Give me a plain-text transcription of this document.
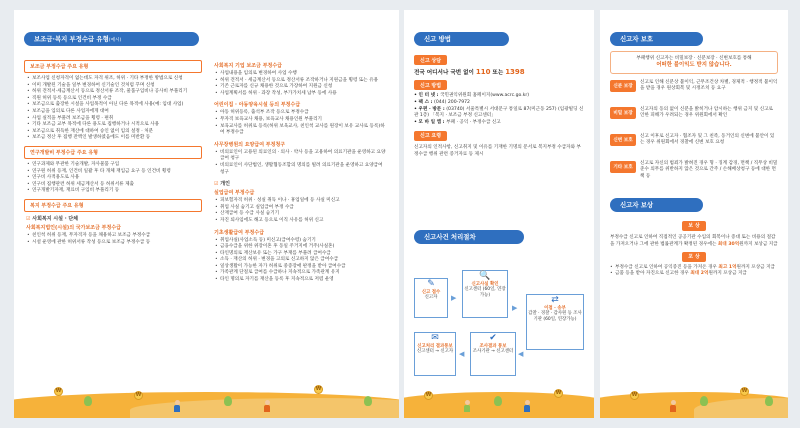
보조금·복지 부정수급 유형(예시)
보조금 부정수급 주요 유형
• 보조사업 신청자격이 없는데도 자격 위조, 허위 · 기타 부정한 방법으로 신청
• 이미 개발된 기술을 일부 변경하여 신기술인 것처럼 꾸며 신청
• 허위 견적서·세금계산서 등으로 정산서류 조작, 물품구입비나 공사비 부풀리기
• 직원 허위 등록 등으로 인건비 부정 수급
• 보조금으로 출장한 시설을 사업목적이 아닌 다른 목적에 사용(예: 임대 사업)
• 보조금을 입의로 다른 사업자에게 대여
• 사업 실적을 부풀려 보조금을 횡령 · 편취
• 기타 보조금 교부 목적에 다른 용도로 집행하거나 시적으로 사용
• 보조금으로 취득한 재산에 대하여 승인 없이 임의 설정 · 처분
• 보조금 정산 후 집행 잔액인 발생하였음에도 이를 미반환 등
연구개발비 부정수급 주요 유형
• 연구과제와 무관한 기술개발, 자사물품 구입
• 연구원 허위 등재, 인건비 일괄 후 타 개체 재입금 요구 등 인건비 횡령
• 연구비 사적용도로 사용
• 연구비 집행관련 허위 세금계산서 등 허위서류 제출
• 연구개발기자재, 재료비 구입비 부풀리기 등
복지 부정수급 주요 유형
☑ 사회복지 시설 · 단체
사회복지법인(시설)의 국가보조금 부정수급
• 친인척 허위 등재, 무자격자 등을 채용하고 보조금 부정수급
• 시설 운영에 관한 허위서류 작성 등으로 보조금 부정수급 등
사회복지 기업 보조금 부정수급
• 사업내용을 임의로 변경하여 사업 수행
• 허위 견적서 · 세금계산서 등으로 정산서류 조작하거나 지원금을 횡령 또는 유용
• 기존 근로자를 신규 채용한 것으로 가장하여 지원금 신청
• 사업계획서를 허위 · 과장 작성, 부가가치세 납부 등에 사용
어린이집 · 아동양육시설 등의 부정수급
• 아동 허위등록, 출석부 조작 등으로 부정수급
• 무자격 보육교사 채용, 보육교사 채용인원 부풀리기
• 보육교사를 허위로 등록(허위 보육교사, 친인척 교사를 원장이 보유 교사로 등록)하여 부정수급
사무장병원의 요양급여 부정청구
• 비의료인이 고용된 의료인의 · 의사 · 약사 등을 고용하여 의료기관을 운영하고 요양급여 청구
• 비의료인이 사단법인, 생활협동조합의 명의를 빌려 의료기관을 운영하고 요양급여 청구
☑ 개인
실업급여 부정수급
• 피보험자격 허위 · 성실 취득 이나 · 휴업일에 등 사실 미신고
• 취업 사실 숨기고 실업급여 부정 수급
• 산재급여 등 수급 사실 숨기기
• 자진 퇴사임에도 해고 등으로 이직 사유를 허위 신고
기초생활급여 부정수급
• 취업사실(사업소득 등) 미신고(급여수령) 숨기기
• 금융수급을 위한 위장이혼 후 동일 주거지에 거주(사실혼)
• 타인명의로 재산보유 또는 가구 부재를 부풀려 급여수급
• 소득 · 재산의 허위 · 변경을 고의로 신고하지 않은 급여수급
• 일상생활이 가능한 자가 허위로 중증장애 판정을 받아 급여수급
• 가족관계 단절로 급여를 수급하나 지속적으로 가족관계 유지
• 타인 명의로 자기를 재산을 등록 후 지속적으로 저렴 운영
₩
₩
₩
신고 방법
신고 상담
전국 어디서나 국번 없이 110 또는 1398
신고 방법
• 인 터 넷 : 국민권익위원회 홈페이지(www.acrc.go.kr)
• 팩 스 : (044) 200-7972
• 우편 · 방문 : (03740) 서울특별시 서대문구 통일로 87(미근동 257) (임광빌딩 신관 1층) 「복지 · 보조금 부정 신고센터」
• 모 바 일 앱 : 부패 · 공익 · 부정수급 신고
신고 요령
신고자의 인적사항, 신고취지 및 이유를 기재한 기명의 문서로 복지부정 수급자와 부정수급 행위 관련 증거자료 등 제시
신고사건 처리절차
✎
신고 접수
신고자	▶
🔍
신고사실 확인
신고센터 (60일, 연장가능)
▶
⇄
이첩 · 송부
감찰 · 경찰 · 감사원 등 조사기관 (60일, 연장가능)
✉
신고처리 결과통보
신고센터 → 신고자 ◀
✔
조사결과 통보
조사기관 → 신고센터 ◀
₩	₩
신고자 보호
부패행위 신고자는 비밀보장 · 신분보장 · 신변보호를 통해
어떠한 불이익도 받지 않습니다.
신분 보장
신고로 인해 신분상 불이익, 근무조건상 차별, 경제적 · 행정적 불이익을 받을 경우 원상회복 및 시정조치 등 요구
비밀 보장
신고자의 동의 없이 신분을 밝히거나 암시하는 행위 금지 및 신고로 인한 피해가 우려되는 경우 위원회에서 확인
신변 보호
신고 이후로 신고자 · 협조자 및 그 친족, 동거인의 신변에 불안이 있는 경우 위원회에서 경찰에 신변 보호 요청
기타 보호
신고로 자신의 범죄가 밝혀진 경우 형 · 징계 감경, 면책 / 직무상 비밀준수 의무를 위반하지 않은 것으로 간주 / 손해배상청구 등에 대한 면책 등
신고자 보상
보 상
부정수급 신고로 인하여 직접적인 공공기관 수입의 회복이나 증대 또는 비용의 절감을 가져오거나 그에 관한 법률관계가 확정된 경우에는 최대 30억원까지 보상금 지급
포 상
• 부정수급 신고로 인하여 공익증진 등을 가져온 경우 최고 1억원까지 포상금 지급
• 금품 등을 받아 자진으로 신고한 경우 최대 2억원까지 포상금 지급
₩
₩
